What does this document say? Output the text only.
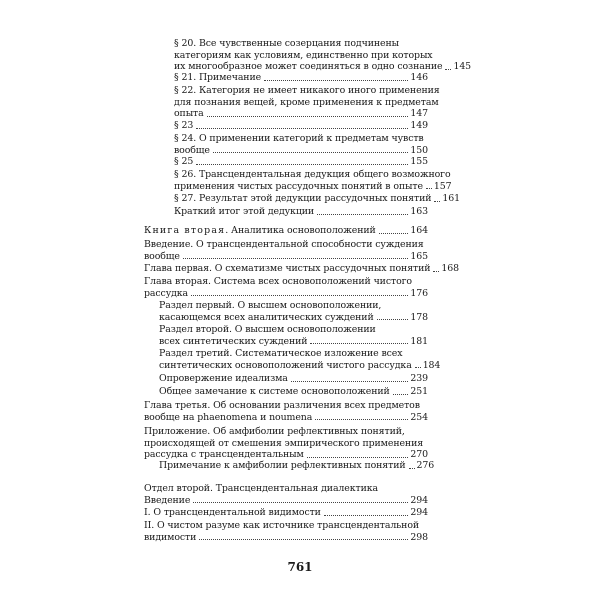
§ 20. Все чувственные созерцания подчинены
категориям как условиям, единственно при которых
их многообразное может соединяться в одно сознание 145
§ 21. Примечание	146
§ 22. Категория не имеет никакого иного применения
для познания вещей, кроме применения к предметам
опыта	147
§ 23	149
§ 24. О применении категорий к предметам чувств
вообще	150
§ 25	155
§ 26. Трансцендентальная дедукция общего возможного
применения чистых рассудочных понятий в опыте 157
§ 27. Результат этой дедукции рассудочных понятий 161
Краткий итог этой дедукции	163
Книга вторая. Аналитика основоположений	164
Введение. О трансцендентальной способности суждения
вообще	165
Глава первая. О схематизме чистых рассудочных понятий 168
Глава вторая. Система всех основоположений чистого
рассудка	176
Раздел первый. О высшем основоположении,
касающемся всех аналитических суждений	178
Раздел второй. О высшем основоположении
всех синтетических суждений	181
Раздел третий. Систематическое изложение всех
синтетических основоположений чистого рассудка 184
Опровержение идеализма	239
Общее замечание к системе основоположений 251
Глава третья. Об основании различения всех предметов
вообще на phaenomena и noumena	254
Приложение. Об амфиболии рефлективных понятий,
происходящей от смешения эмпирического применения
рассудка с трансцендентальным	270
Примечание к амфиболии рефлективных понятий 276
Отдел второй. Трансцендентальная диалектика
Введение	294
I. О трансцендентальной видимости	294
II. О чистом разуме как источнике трансцендентальной
видимости	298
761
